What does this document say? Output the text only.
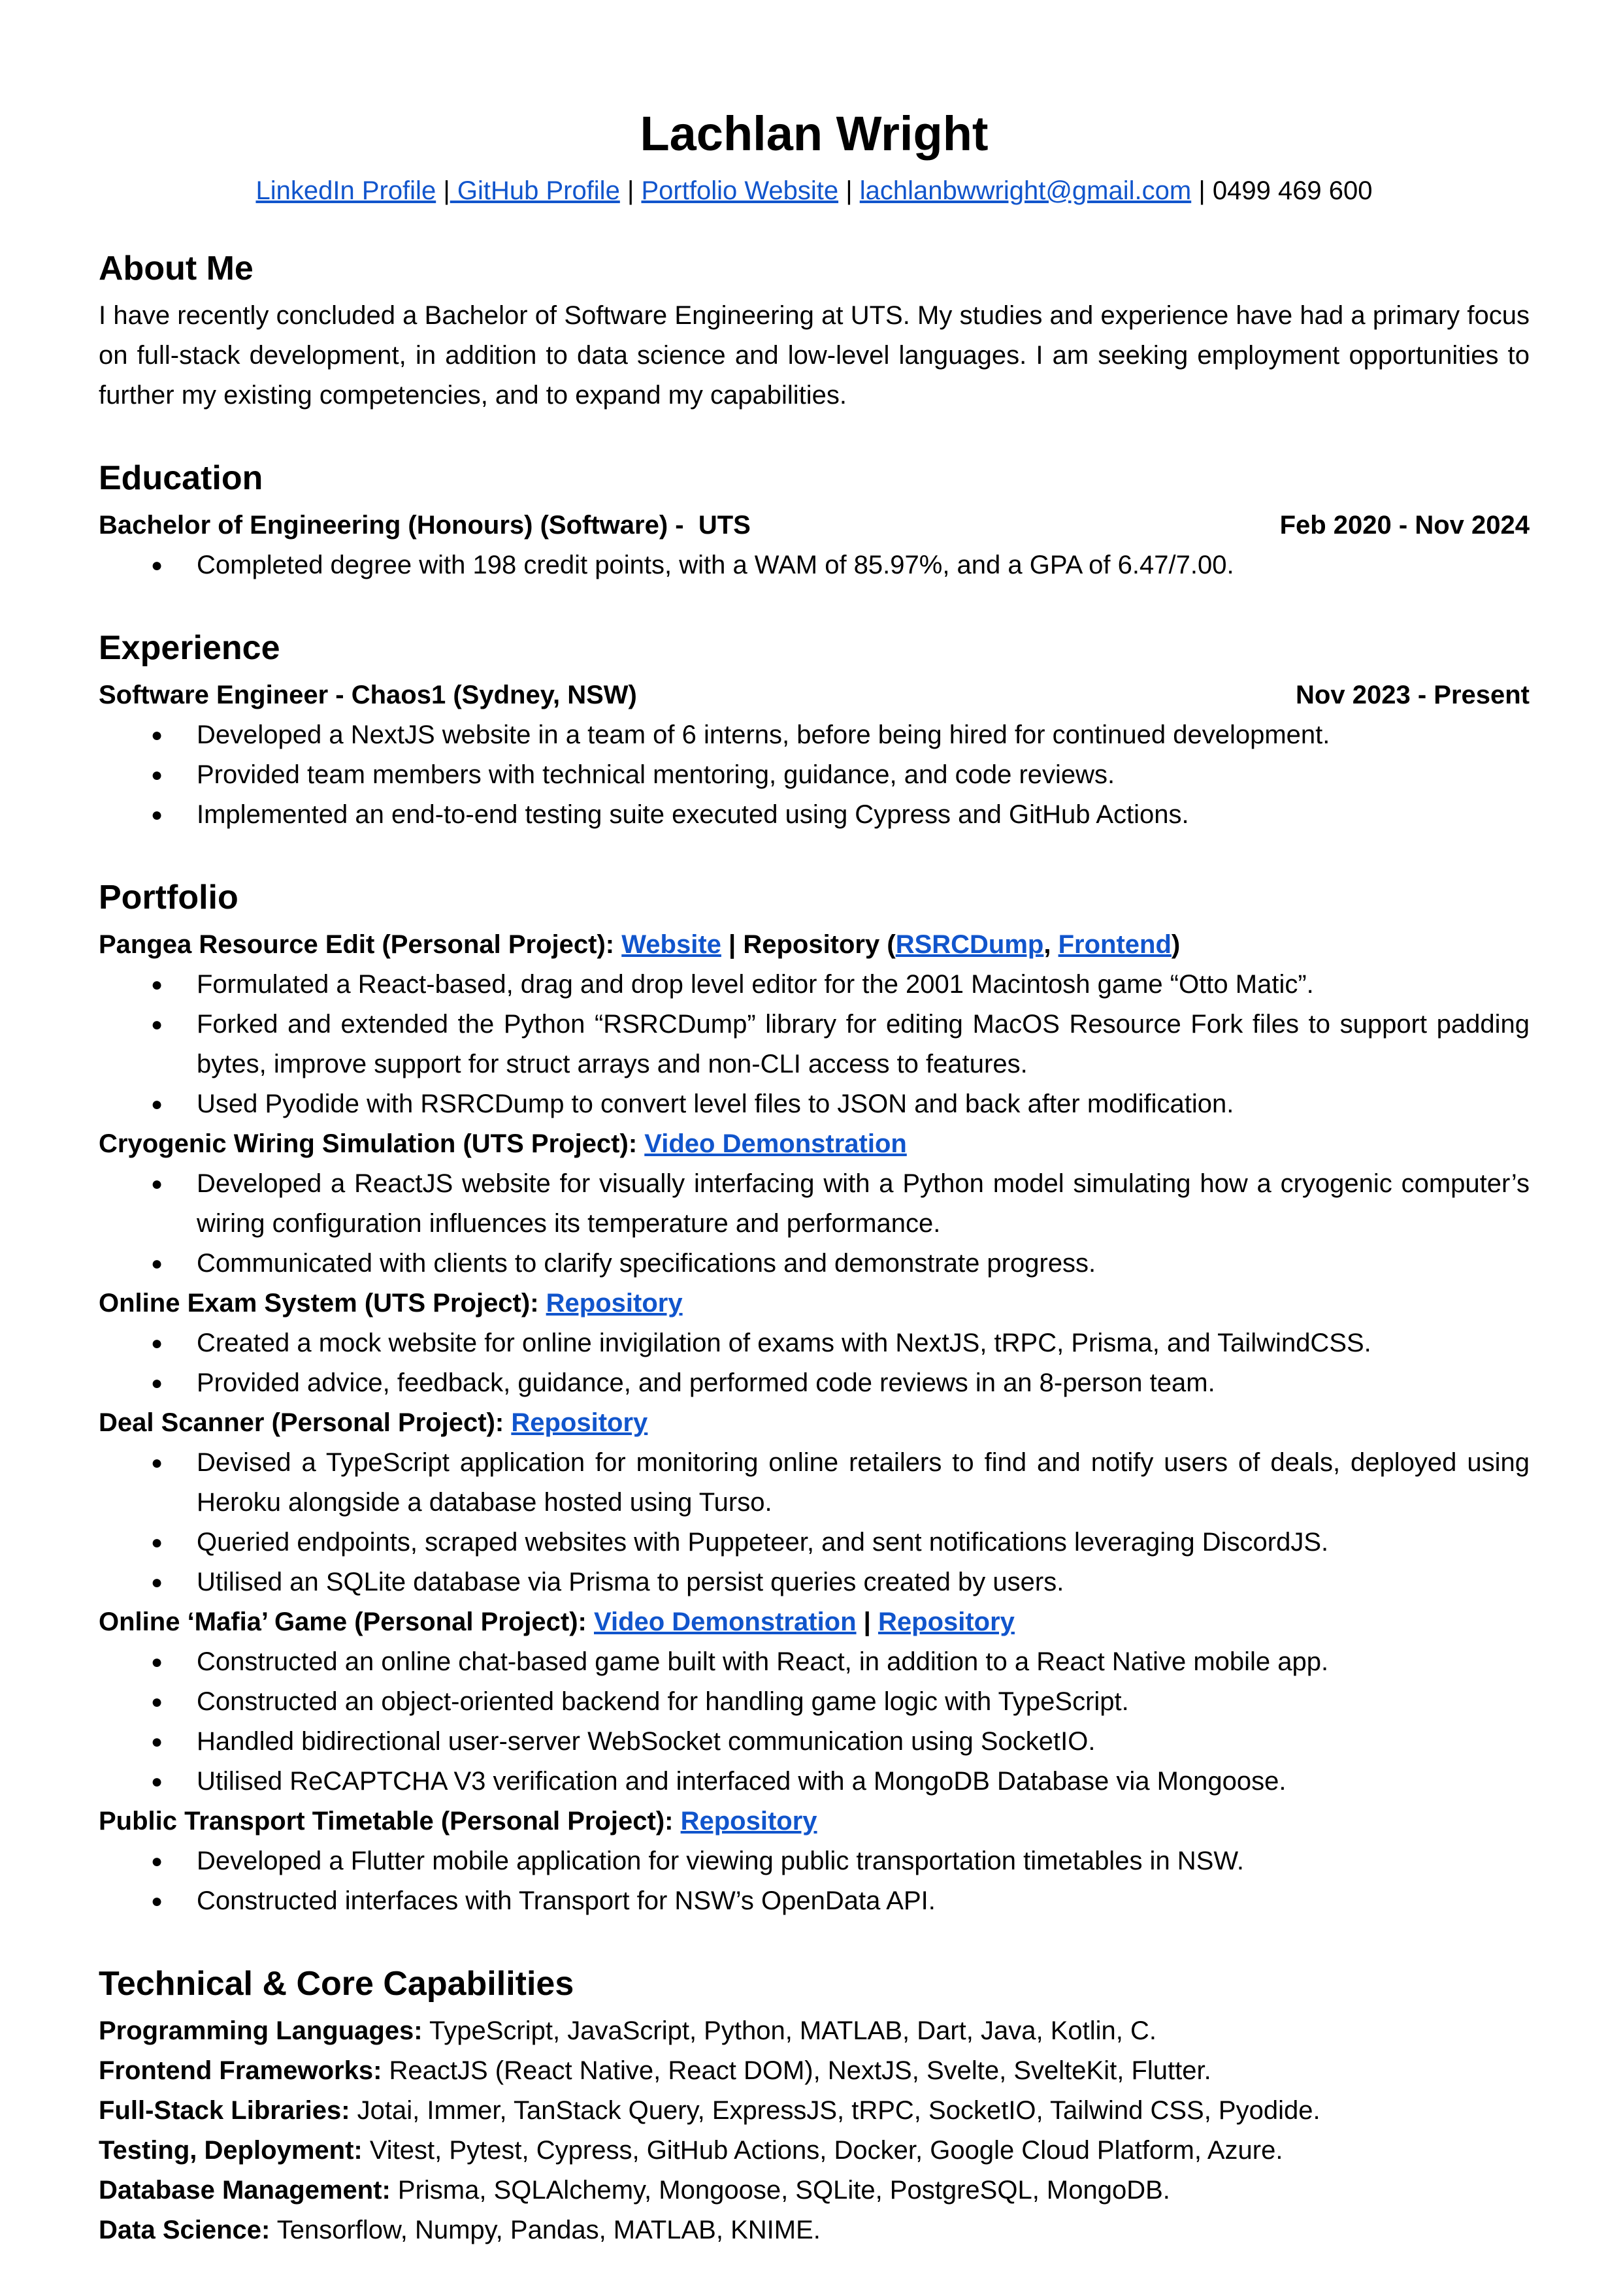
Lachlan Wright
LinkedIn Profile | GitHub Profile | Portfolio Website | lachlanbwwright@gmail.com | 0499 469 600
About Me

I have recently concluded a Bachelor of Software Engineering at UTS. My studies and experience have had a primary focus on full-stack development, in addition to data science and low-level languages. I am seeking employment opportunities to further my existing competencies, and to expand my capabilities.

Education
Bachelor of Engineering (Honours) (Software) -  UTS	Feb 2020 - Nov 2024
● Completed degree with 198 credit points, with a WAM of 85.97%, and a GPA of 6.47/7.00.
Experience
Software Engineer - Chaos1 (Sydney, NSW)	Nov 2023 - Present
● Developed a NextJS website in a team of 6 interns, before being hired for continued development.
● Provided team members with technical mentoring, guidance, and code reviews.
● Implemented an end-to-end testing suite executed using Cypress and GitHub Actions.
Portfolio
Pangea Resource Edit (Personal Project): Website | Repository (RSRCDump, Frontend)
● Formulated a React-based, drag and drop level editor for the 2001 Macintosh game “Otto Matic”.
● Forked and extended the Python “RSRCDump” library for editing MacOS Resource Fork files to support padding bytes, improve support for struct arrays and non-CLI access to features.
● Used Pyodide with RSRCDump to convert level files to JSON and back after modification.
Cryogenic Wiring Simulation (UTS Project): Video Demonstration
● Developed a ReactJS website for visually interfacing with a Python model simulating how a cryogenic computer’s wiring configuration influences its temperature and performance.
● Communicated with clients to clarify specifications and demonstrate progress.
Online Exam System (UTS Project): Repository
● Created a mock website for online invigilation of exams with NextJS, tRPC, Prisma, and TailwindCSS.
● Provided advice, feedback, guidance, and performed code reviews in an 8-person team.
Deal Scanner (Personal Project): Repository
● Devised a TypeScript application for monitoring online retailers to find and notify users of deals, deployed using Heroku alongside a database hosted using Turso.
● Queried endpoints, scraped websites with Puppeteer, and sent notifications leveraging DiscordJS.
● Utilised an SQLite database via Prisma to persist queries created by users.
Online ‘Mafia’ Game (Personal Project): Video Demonstration | Repository
● Constructed an online chat-based game built with React, in addition to a React Native mobile app.
● Constructed an object-oriented backend for handling game logic with TypeScript.
● Handled bidirectional user-server WebSocket communication using SocketIO.
● Utilised ReCAPTCHA V3 verification and interfaced with a MongoDB Database via Mongoose.
Public Transport Timetable (Personal Project): Repository
● Developed a Flutter mobile application for viewing public transportation timetables in NSW.
● Constructed interfaces with Transport for NSW’s OpenData API.
Technical & Core Capabilities
Programming Languages: TypeScript, JavaScript, Python, MATLAB, Dart, Java, Kotlin, C.
Frontend Frameworks: ReactJS (React Native, React DOM), NextJS, Svelte, SvelteKit, Flutter.
Full-Stack Libraries: Jotai, Immer, TanStack Query, ExpressJS, tRPC, SocketIO, Tailwind CSS, Pyodide.
Testing, Deployment: Vitest, Pytest, Cypress, GitHub Actions, Docker, Google Cloud Platform, Azure.
Database Management: Prisma, SQLAlchemy, Mongoose, SQLite, PostgreSQL, MongoDB.
Data Science: Tensorflow, Numpy, Pandas, MATLAB, KNIME.
